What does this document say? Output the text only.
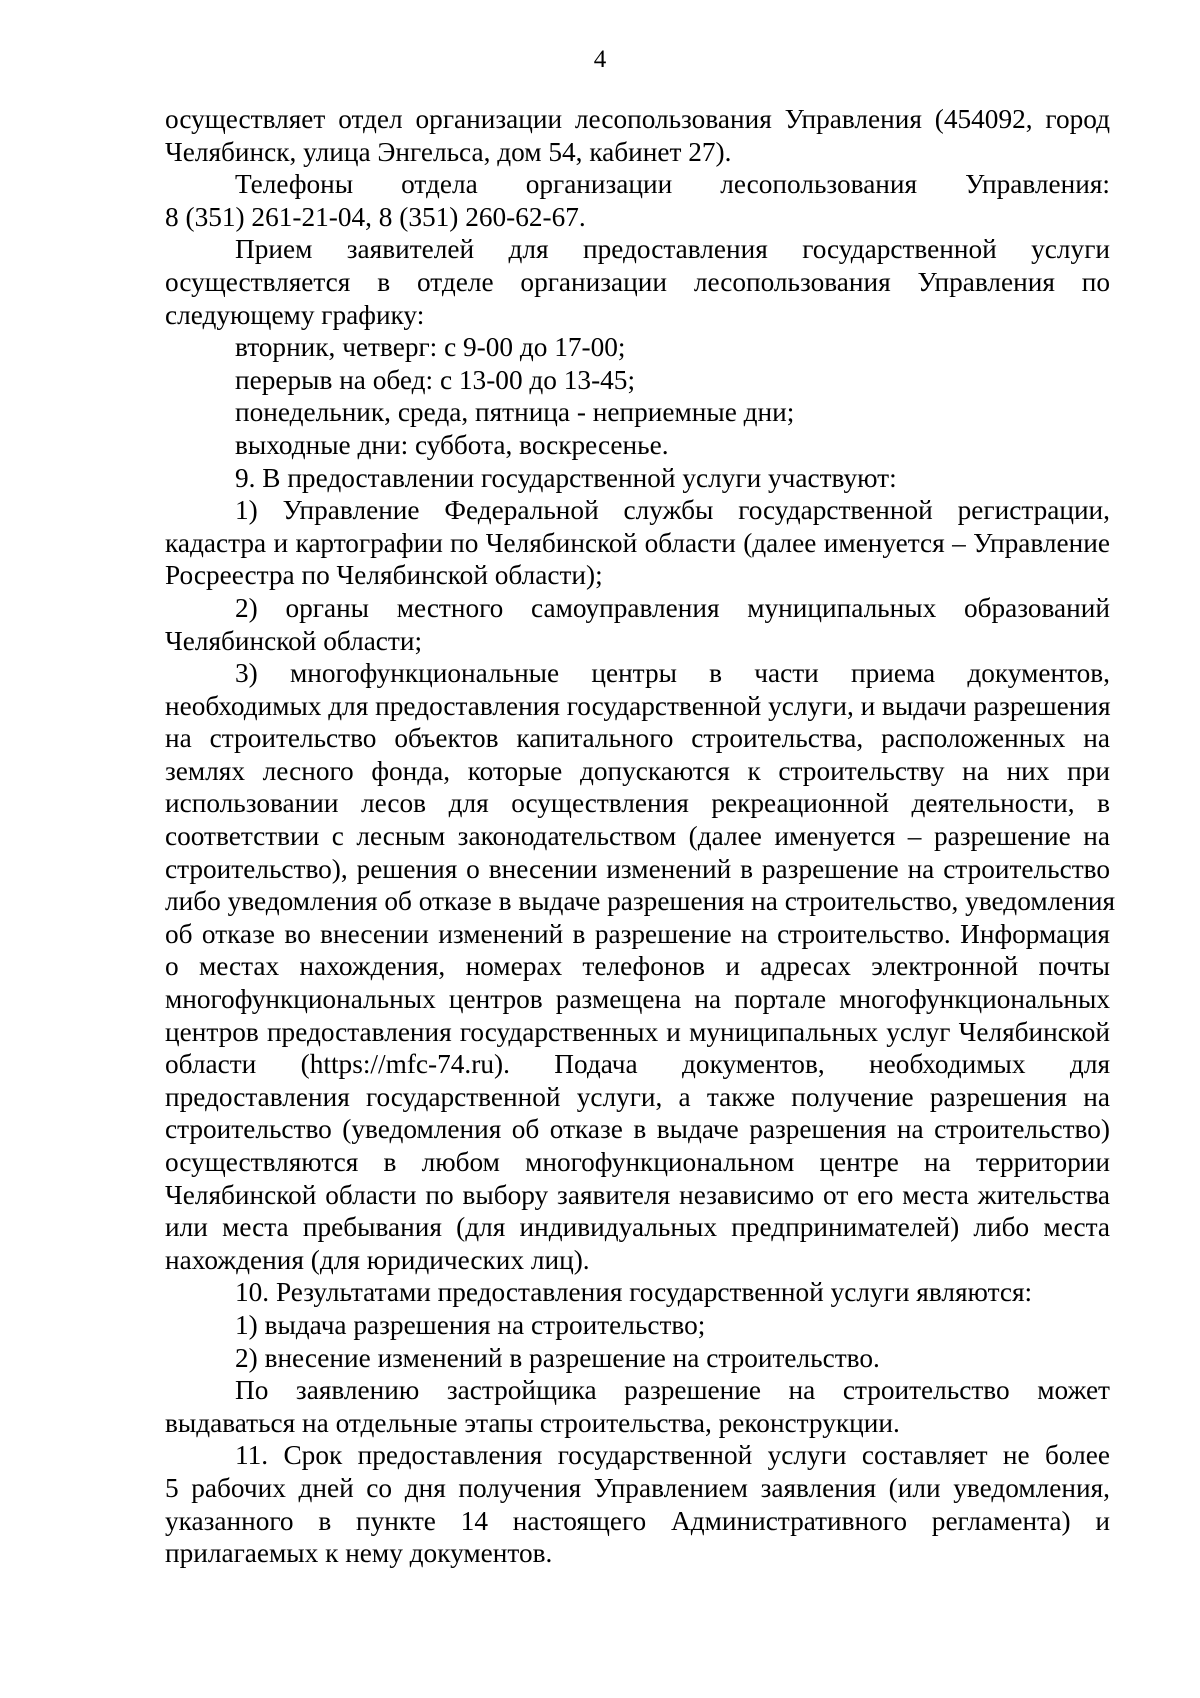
4
осуществляет отдел организации лесопользования Управления (454092, город
Челябинск, улица Энгельса, дом 54, кабинет 27).
Телефоны отдела организации лесопользования Управления:
8 (351) 261-21-04, 8 (351) 260-62-67.
Прием заявителей для предоставления государственной услуги
осуществляется в отделе организации лесопользования Управления по
следующему графику:
вторник, четверг: с 9-00 до 17-00;
перерыв на обед: с 13-00 до 13-45;
понедельник, среда, пятница - неприемные дни;
выходные дни: суббота, воскресенье.
9. В предоставлении государственной услуги участвуют:
1) Управление Федеральной службы государственной регистрации,
кадастра и картографии по Челябинской области (далее именуется – Управление
Росреестра по Челябинской области);
2) органы местного самоуправления муниципальных образований
Челябинской области;
3) многофункциональные центры в части приема документов,
необходимых для предоставления государственной услуги, и выдачи разрешения
на строительство объектов капитального строительства, расположенных на
землях лесного фонда, которые допускаются к строительству на них при
использовании лесов для осуществления рекреационной деятельности, в
соответствии с лесным законодательством (далее именуется – разрешение на
строительство), решения о внесении изменений в разрешение на строительство
либо уведомления об отказе в выдаче разрешения на строительство, уведомления
об отказе во внесении изменений в разрешение на строительство. Информация
о местах нахождения, номерах телефонов и адресах электронной почты
многофункциональных центров размещена на портале многофункциональных
центров предоставления государственных и муниципальных услуг Челябинской
области (https://mfc-74.ru). Подача документов, необходимых для
предоставления государственной услуги, а также получение разрешения на
строительство (уведомления об отказе в выдаче разрешения на строительство)
осуществляются в любом многофункциональном центре на территории
Челябинской области по выбору заявителя независимо от его места жительства
или места пребывания (для индивидуальных предпринимателей) либо места
нахождения (для юридических лиц).
10. Результатами предоставления государственной услуги являются:
1) выдача разрешения на строительство;
2) внесение изменений в разрешение на строительство.
По заявлению застройщика разрешение на строительство может
выдаваться на отдельные этапы строительства, реконструкции.
11. Срок предоставления государственной услуги составляет не более
5 рабочих дней со дня получения Управлением заявления (или уведомления,
указанного в пункте 14 настоящего Административного регламента) и
прилагаемых к нему документов.
